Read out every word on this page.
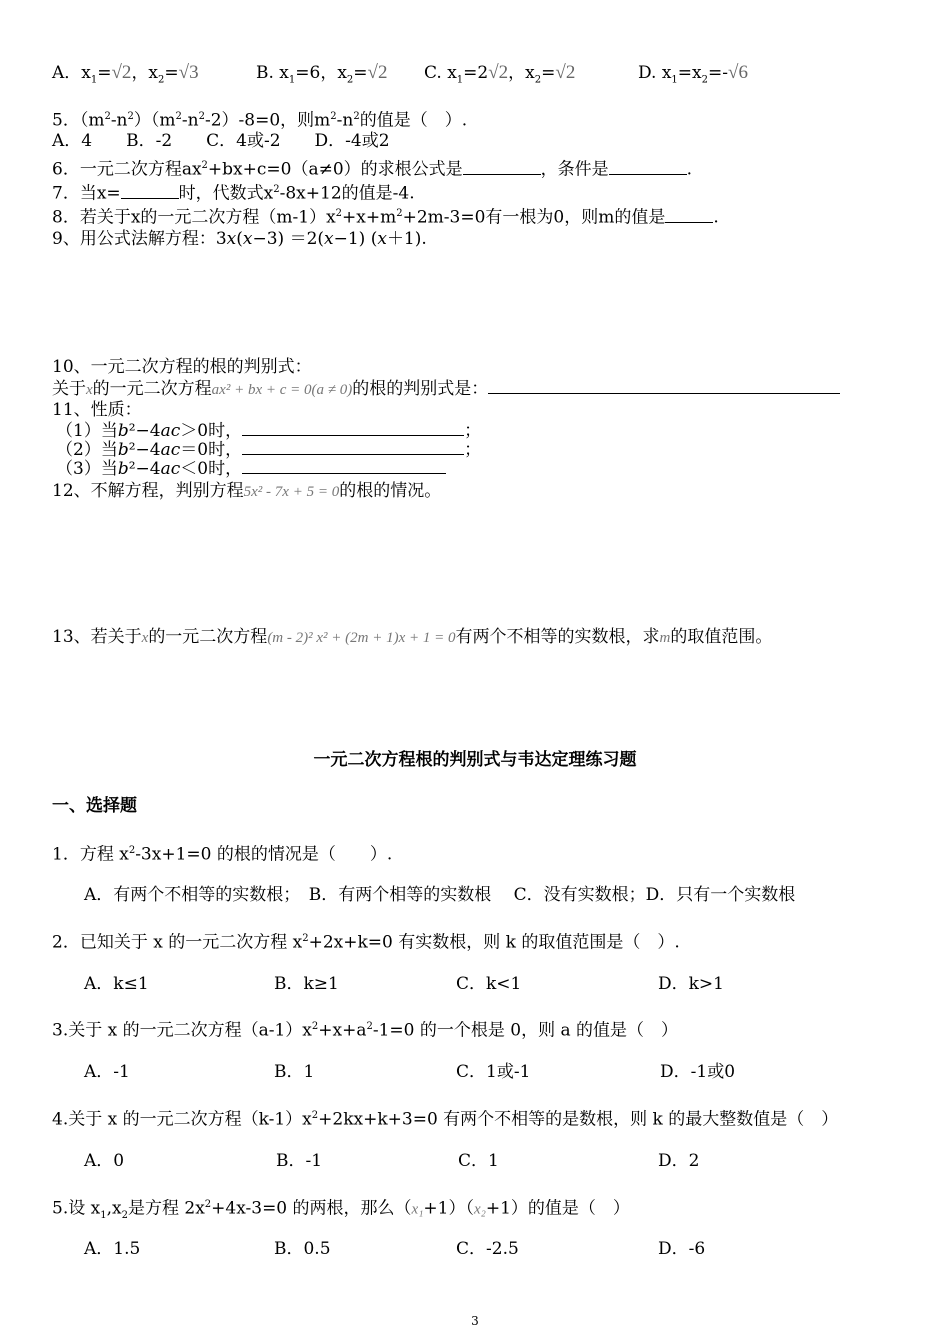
A．$x_1=√2$，$x_2=√3$	B. $x_1=6$，$x_2=√2$ C. $x_1=2√2$，$x_2=√2$	D. $x_1=x_2=-√6$
5．$(m^2-n^2)(m^2-n^2-2)-8=0$，则$m^2-n^2$的值是（　）.
A．4　　B．-2　　C．4或-2　　D．-4或2
6．一元二次方程$ax^2+bx+c=0(a\ne 0)$的求根公式是	，条件是	.
7．当x=	时，代数式$x^2-8x+12$的值是-4.
8．若关于x的一元二次方程$(m-1)x^2+x+m^2+2m-3=0$有一根为0，则m的值是	.
9、用公式法解方程：3x(x−3) ＝2(x−1) (x＋1).
10、一元二次方程的根的判别式：
关于x的一元二次方程ax² + bx + c = 0(a ≠ 0)的根的判别式是：
11、性质：
（1）当b²−4ac＞0时，	；
（2）当b²−4ac＝0时，	；
（3）当b²−4ac＜0时，
12、不解方程，判别方程5x² - 7x + 5 = 0的根的情况。
13、若关于x的一元二次方程(m - 2)² x² + (2m + 1)x + 1 = 0有两个不相等的实数根，求m的取值范围。
一元二次方程根的判别式与韦达定理练习题
一、选择题
1．方程 $x^2-3x+1=0$ 的根的情况是（　　）.
A．有两个不相等的实数根；　B．有两个相等的实数根　 C．没有实数根；D．只有一个实数根
2．已知关于 x 的一元二次方程 $x^2+2x+k=0$ 有实数根，则 k 的取值范围是（　）.
A．k≤1	B．k≥1	C．k<1	D．k>1
3.关于 x 的一元二次方程$(a-1)x^2+x+a^2-1=0$ 的一个根是 0，则 a 的值是（　）
A．-1	B．1	C．1或-1	D．-1或0
4.关于 x 的一元二次方程$(k-1)x^2+2kx+k+3=0$ 有两个不相等的是数根，则 k 的最大整数值是（　）
A．0	B．-1	C．1	D．2
5.设 $x_1,x_2$是方程 $2x^2+4x-3=0$ 的两根，那么（x₁+1）（x₂+1）的值是（　）
A．1.5	B．0.5	C．-2.5	D．-6
3
